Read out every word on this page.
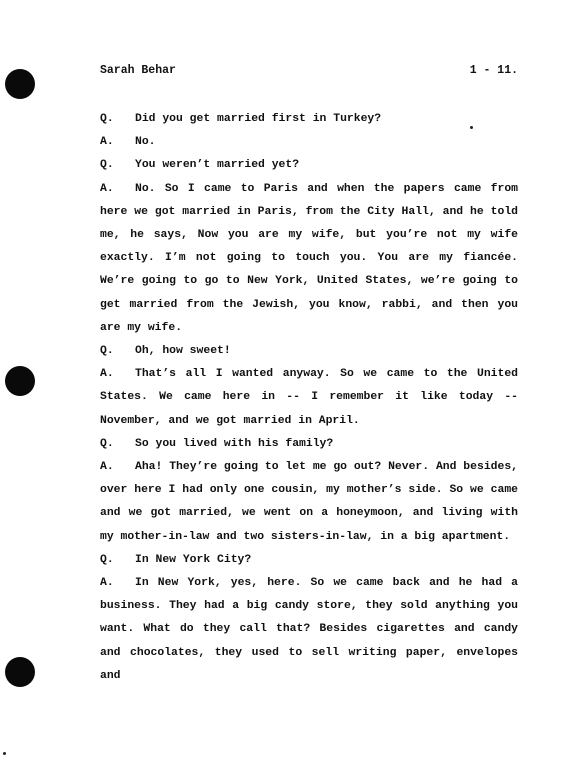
Sarah Behar	1 - 11.

Q. Did you get married first in Turkey?

A. No.

Q. You weren’t married yet?

A. No. So I came to Paris and when the papers came from here we got married in Paris, from the City Hall, and he told me, he says, Now you are my wife, but you’re not my wife exactly. I’m not going to touch you. You are my fiancée. We’re going to go to New York, United States, we’re going to get married from the Jewish, you know, rabbi, and then you are my wife.

Q. Oh, how sweet!

A. That’s all I wanted anyway. So we came to the United States. We came here in -- I remember it like today -- November, and we got married in April.

Q. So you lived with his family?

A. Aha! They’re going to let me go out? Never. And besides, over here I had only one cousin, my mother’s side. So we came and we got married, we went on a honeymoon, and living with my mother-in-law and two sisters-in-law, in a big apartment.

Q. In New York City?

A. In New York, yes, here. So we came back and he had a business. They had a big candy store, they sold anything you want. What do they call that? Besides cigarettes and candy and chocolates, they used to sell writing paper, envelopes and
